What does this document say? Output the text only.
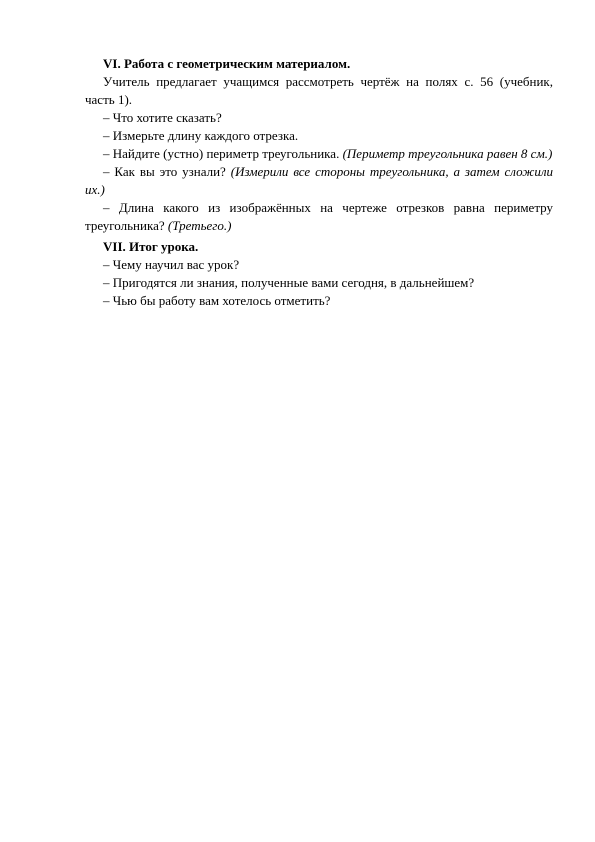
VI. Работа с геометрическим материалом.

Учитель предлагает учащимся рассмотреть чертёж на полях с. 56 (учебник, часть 1).

– Что хотите сказать?

– Измерьте длину каждого отрезка.

– Найдите (устно) периметр треугольника. (Периметр треугольника равен 8 см.)

– Как вы это узнали? (Измерили все стороны треугольника, а затем сложили их.)

– Длина какого из изображённых на чертеже отрезков равна периметру треугольника? (Третьего.)

VII. Итог урока.

– Чему научил вас урок?

– Пригодятся ли знания, полученные вами сегодня, в дальнейшем?

– Чью бы работу вам хотелось отметить?
